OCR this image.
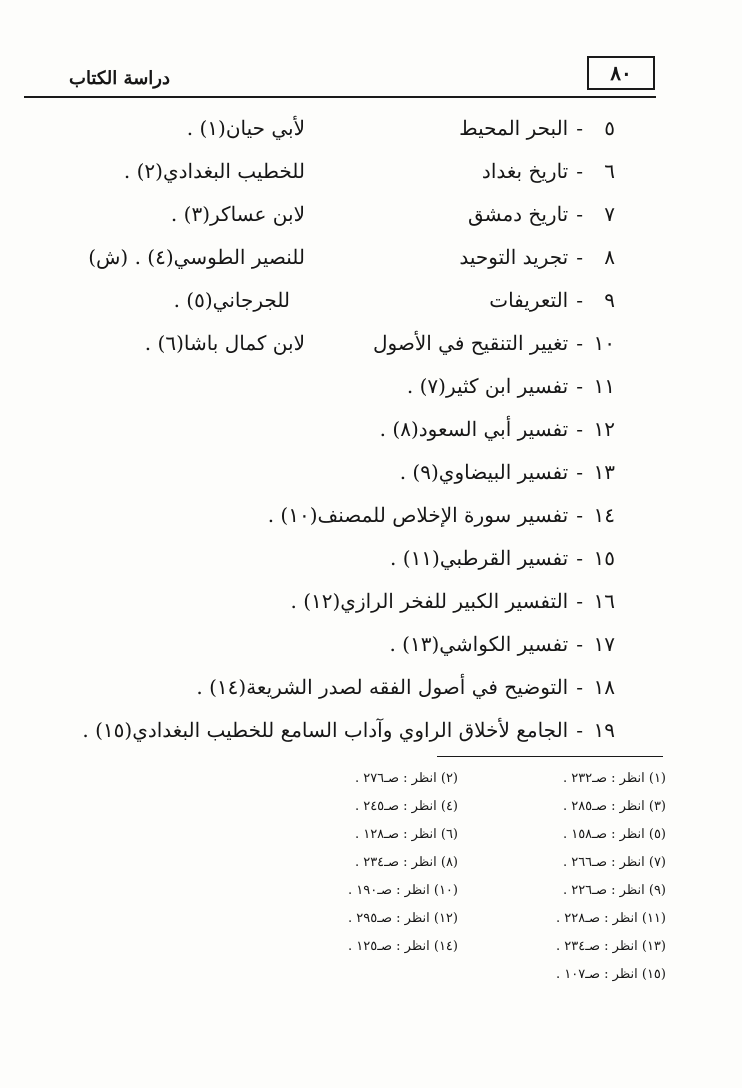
٨٠
دراسة الكتاب
٥-البحر المحيط
لأبي حيان(١) .
٦-تاريخ بغداد
للخطيب البغدادي(٢) .
٧-تاريخ دمشق
لابن عساكر(٣) .
٨-تجريد التوحيد
للنصير الطوسي(٤) . (ش)
٩-التعريفات
للجرجاني(٥) .
١٠-تغيير التنقيح في الأصول
لابن كمال باشا(٦) .
١١-تفسير ابن كثير(٧) .
١٢-تفسير أبي السعود(٨) .
١٣-تفسير البيضاوي(٩) .
١٤-تفسير سورة الإخلاص للمصنف(١٠) .
١٥-تفسير القرطبي(١١) .
١٦-التفسير الكبير للفخر الرازي(١٢) .
١٧-تفسير الكواشي(١٣) .
١٨-التوضيح في أصول الفقه لصدر الشريعة(١٤) .
١٩-الجامع لأخلاق الراوي وآداب السامع للخطيب البغدادي(١٥) .
(١) انظر : صـ٢٣٢ .
(٢) انظر : صـ٢٧٦ .
(٣) انظر : صـ٢٨٥ .
(٤) انظر : صـ٢٤٥ .
(٥) انظر : صـ١٥٨ .
(٦) انظر : صـ١٢٨ .
(٧) انظر : صـ٢٦٦ .
(٨) انظر : صـ٢٣٤ .
(٩) انظر : صـ٢٢٦ .
(١٠) انظر : صـ١٩٠ .
(١١) انظر : صـ٢٢٨ .
(١٢) انظر : صـ٢٩٥ .
(١٣) انظر : صـ٢٣٤ .
(١٤) انظر : صـ١٢٥ .
(١٥) انظر : صـ١٠٧ .
